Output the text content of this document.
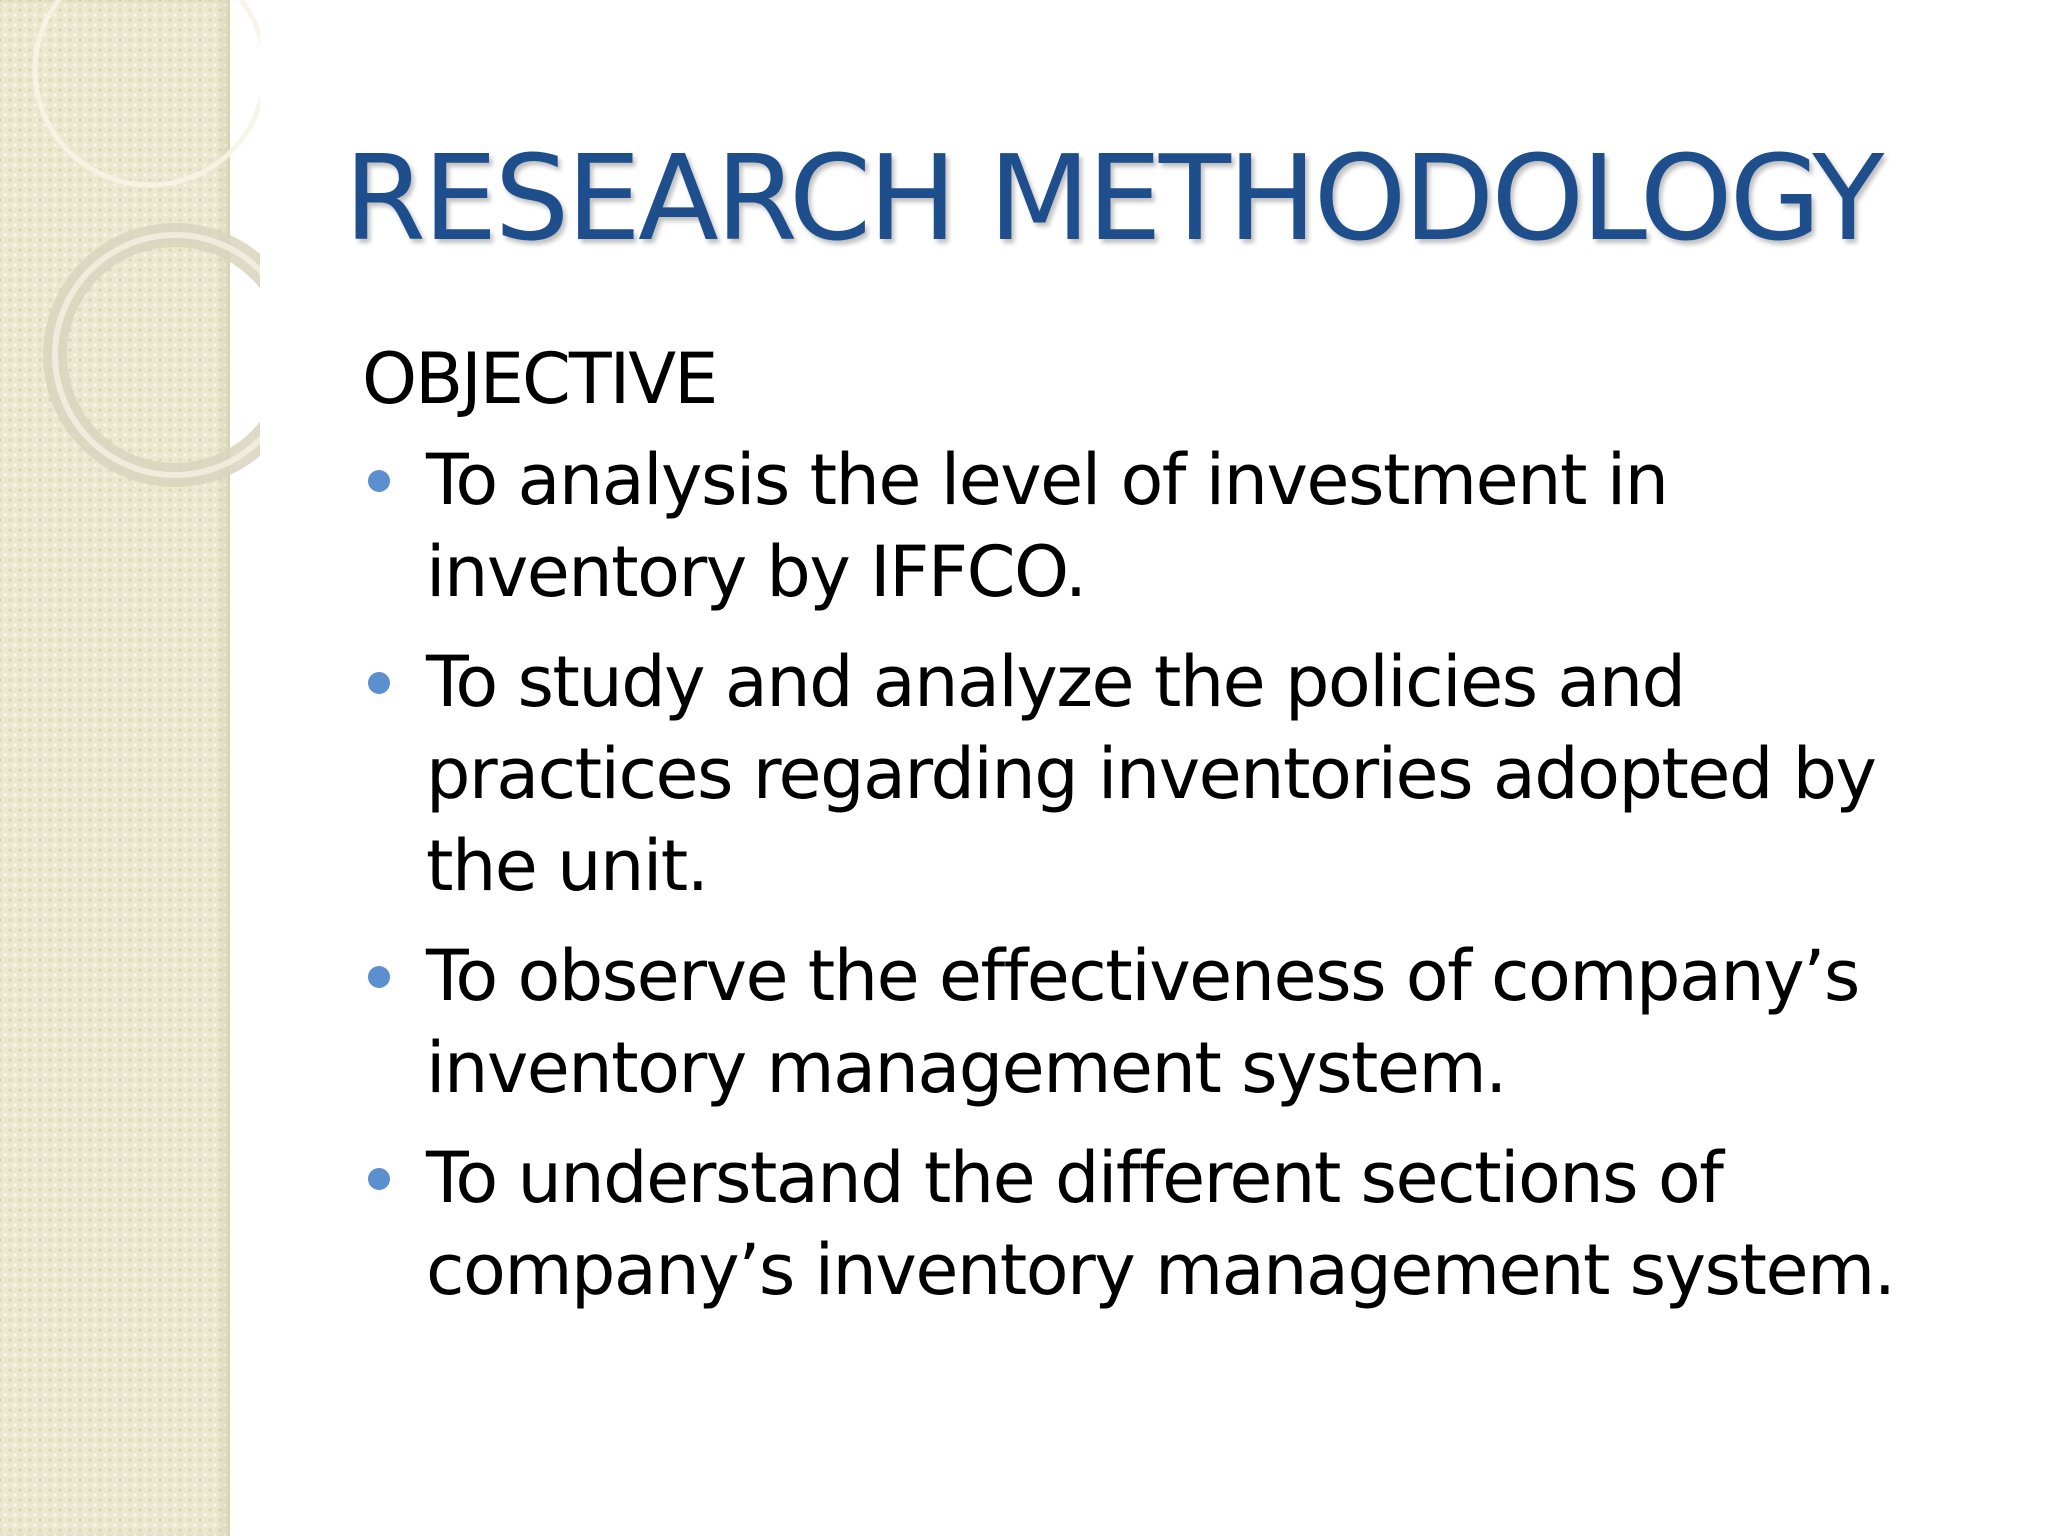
RESEARCH METHODOLOGY
OBJECTIVE
To analysis the level of investment in inventory by IFFCO.
To study and analyze the policies and practices regarding inventories adopted by the unit.
To observe the effectiveness of company’s inventory management system.
To understand the different sections of company’s inventory management system.
